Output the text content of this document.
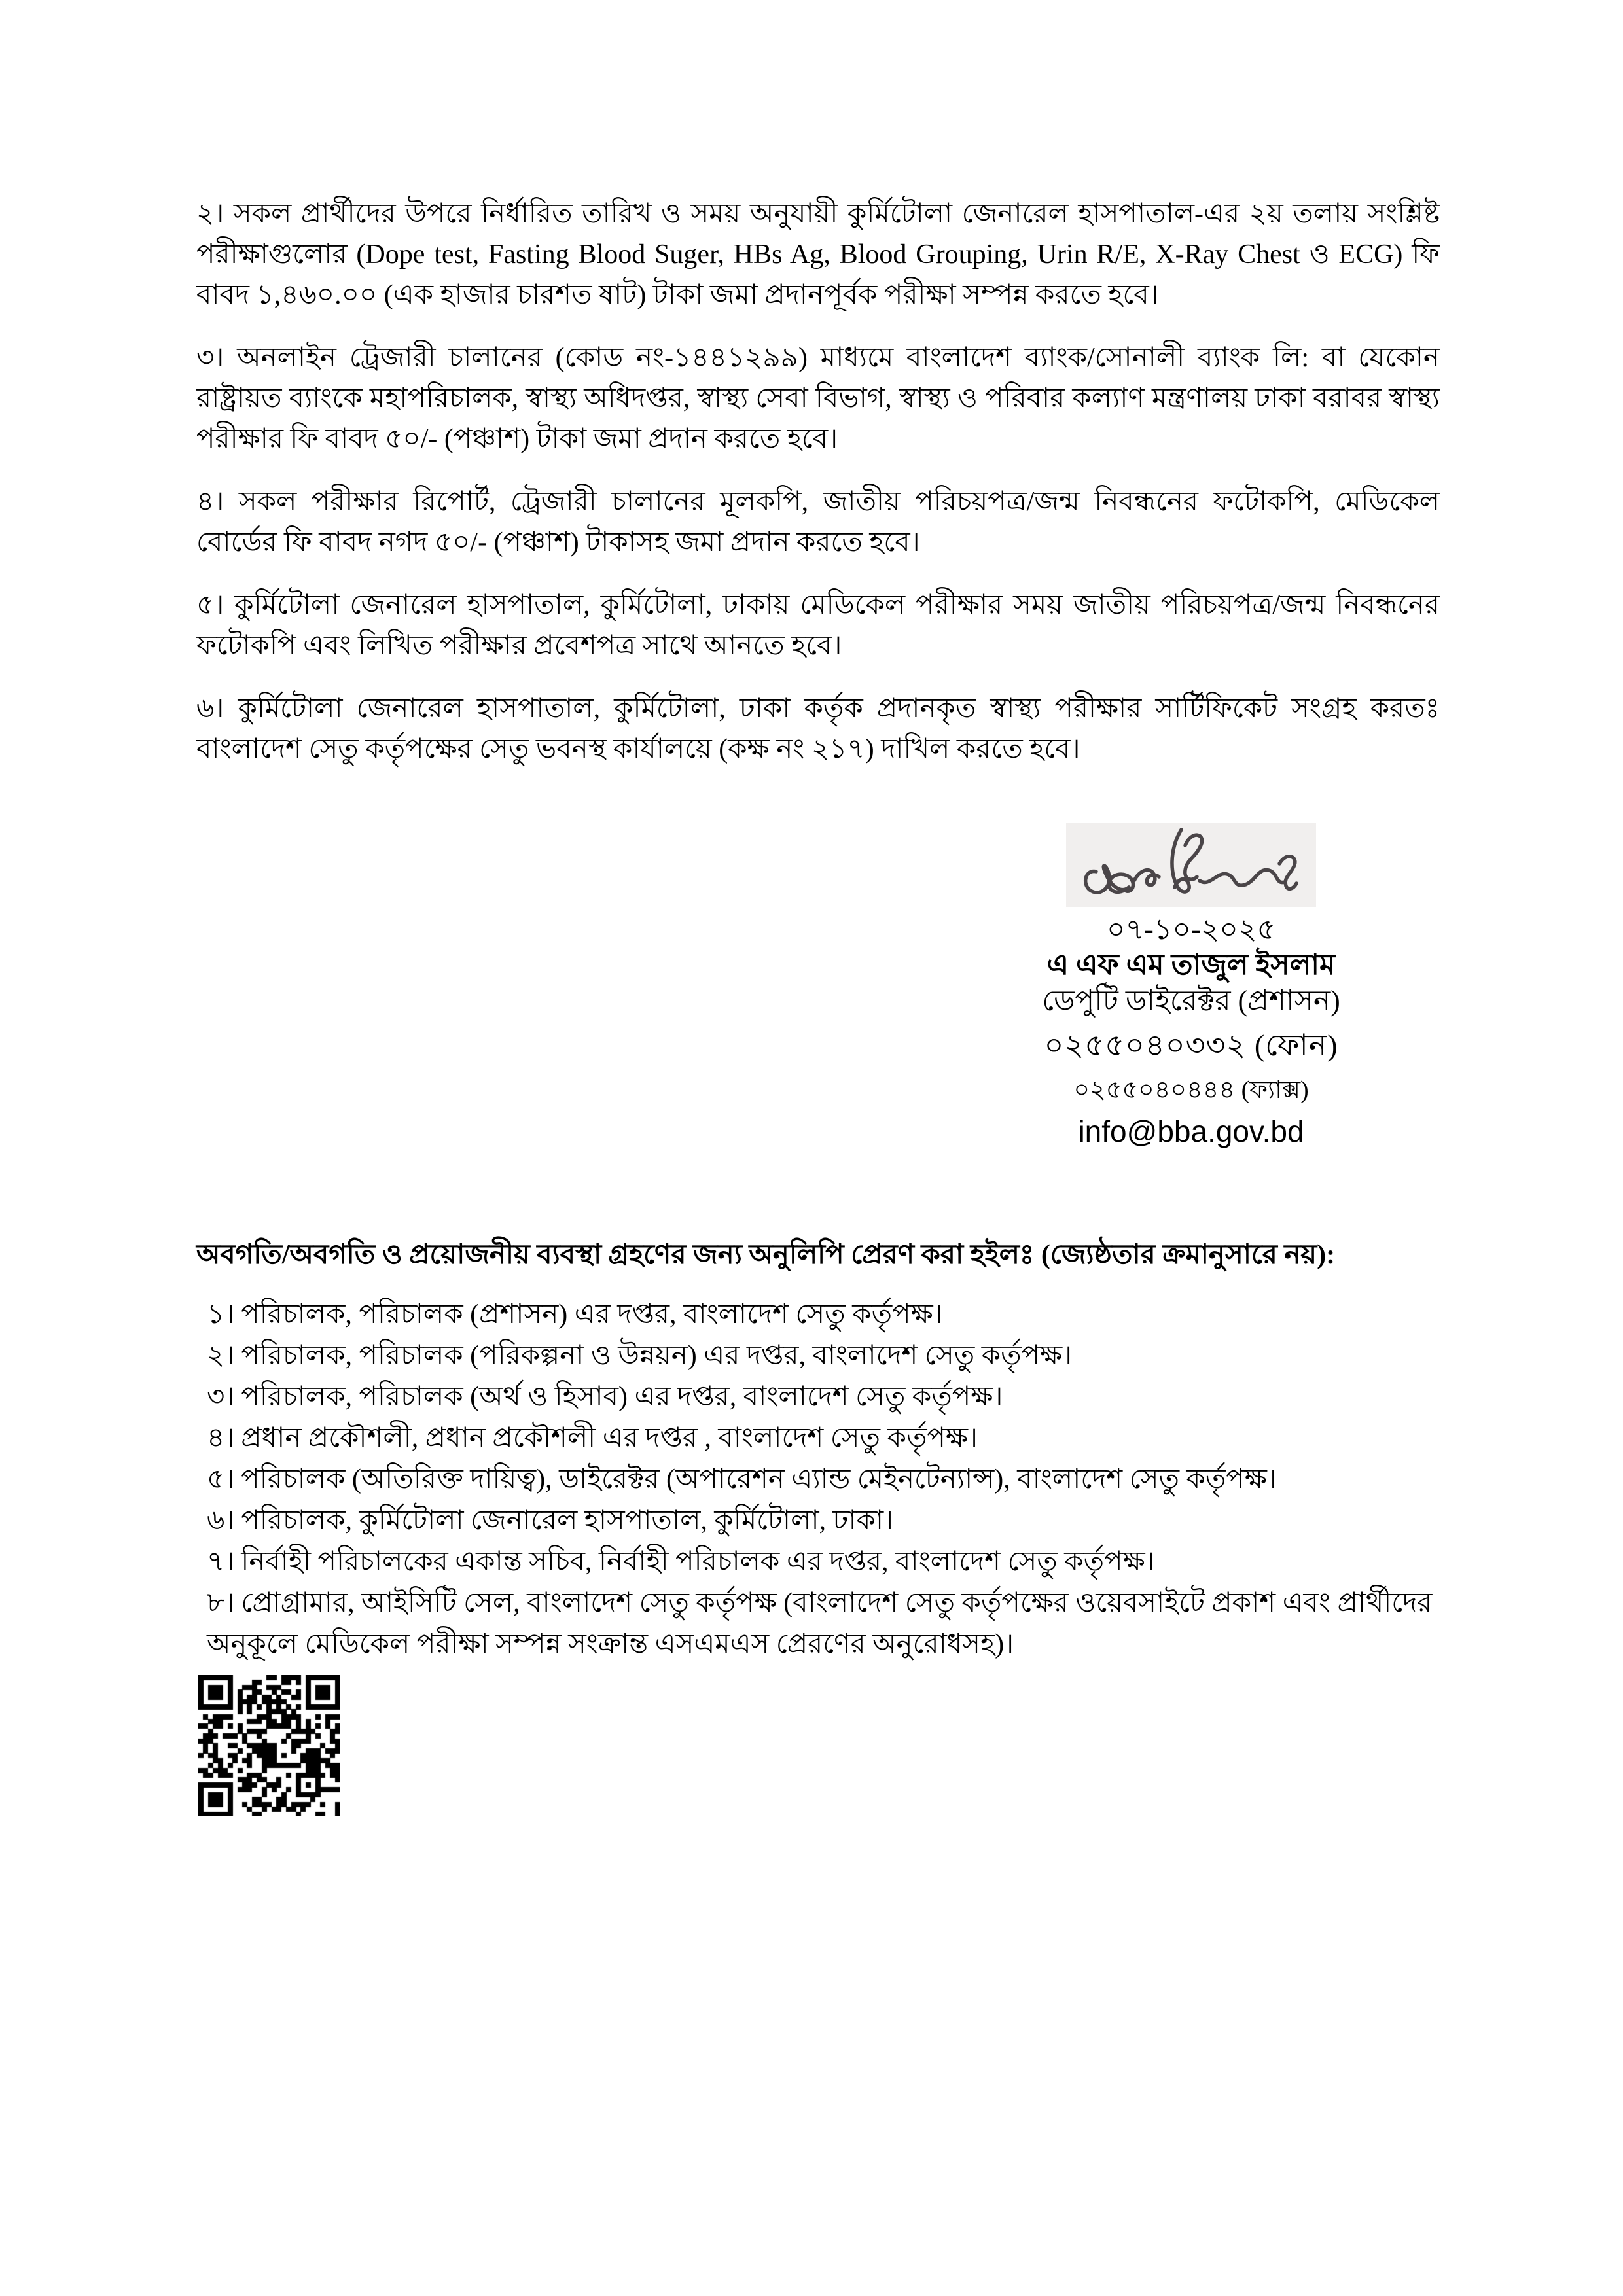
২। সকল প্রার্থীদের উপরে নির্ধারিত তারিখ ও সময় অনুযায়ী কুর্মিটোলা জেনারেল হাসপাতাল-এর ২য় তলায় সংশ্লিষ্ট পরীক্ষাগুলোর (Dope test, Fasting Blood Suger, HBs Ag, Blood Grouping, Urin R/E, X-Ray Chest ও ECG) ফি বাবদ ১,৪৬০.০০ (এক হাজার চারশত ষাট) টাকা জমা প্রদানপূর্বক পরীক্ষা সম্পন্ন করতে হবে।

৩। অনলাইন ট্রেজারী চালানের (কোড নং-১৪৪১২৯৯) মাধ্যমে বাংলাদেশ ব্যাংক/সোনালী ব্যাংক লি: বা যেকোন রাষ্ট্রায়ত ব্যাংকে মহাপরিচালক, স্বাস্থ্য অধিদপ্তর, স্বাস্থ্য সেবা বিভাগ, স্বাস্থ্য ও পরিবার কল্যাণ মন্ত্রণালয় ঢাকা বরাবর স্বাস্থ্য পরীক্ষার ফি বাবদ ৫০/- (পঞ্চাশ) টাকা জমা প্রদান করতে হবে।

৪। সকল পরীক্ষার রিপোর্ট, ট্রেজারী চালানের মূলকপি, জাতীয় পরিচয়পত্র/জন্ম নিবন্ধনের ফটোকপি, মেডিকেল বোর্ডের ফি বাবদ নগদ ৫০/- (পঞ্চাশ) টাকাসহ জমা প্রদান করতে হবে।

৫। কুর্মিটোলা জেনারেল হাসপাতাল, কুর্মিটোলা, ঢাকায় মেডিকেল পরীক্ষার সময় জাতীয় পরিচয়পত্র/জন্ম নিবন্ধনের ফটোকপি এবং লিখিত পরীক্ষার প্রবেশপত্র সাথে আনতে হবে।

৬। কুর্মিটোলা জেনারেল হাসপাতাল, কুর্মিটোলা, ঢাকা কর্তৃক প্রদানকৃত স্বাস্থ্য পরীক্ষার সার্টিফিকেট সংগ্রহ করতঃ বাংলাদেশ সেতু কর্তৃপক্ষের সেতু ভবনস্থ কার্যালয়ে (কক্ষ নং ২১৭) দাখিল করতে হবে।

০৭-১০-২০২৫
এ এফ এম তাজুল ইসলাম
ডেপুটি ডাইরেক্টর (প্রশাসন)
০২৫৫০৪০৩৩২ (ফোন)
০২৫৫০৪০৪৪৪ (ফ্যাক্স)
info@bba.gov.bd

অবগতি/অবগতি ও প্রয়োজনীয় ব্যবস্থা গ্রহণের জন্য অনুলিপি প্রেরণ করা হইলঃ (জ্যেষ্ঠতার ক্রমানুসারে নয়):

১। পরিচালক, পরিচালক (প্রশাসন) এর দপ্তর, বাংলাদেশ সেতু কর্তৃপক্ষ।
২। পরিচালক, পরিচালক (পরিকল্পনা ও উন্নয়ন) এর দপ্তর, বাংলাদেশ সেতু কর্তৃপক্ষ।
৩। পরিচালক, পরিচালক (অর্থ ও হিসাব) এর দপ্তর, বাংলাদেশ সেতু কর্তৃপক্ষ।
৪। প্রধান প্রকৌশলী, প্রধান প্রকৌশলী এর দপ্তর , বাংলাদেশ সেতু কর্তৃপক্ষ।
৫। পরিচালক (অতিরিক্ত দায়িত্ব), ডাইরেক্টর (অপারেশন এ্যান্ড মেইনটেন্যান্স), বাংলাদেশ সেতু কর্তৃপক্ষ।
৬। পরিচালক, কুর্মিটোলা জেনারেল হাসপাতাল, কুর্মিটোলা, ঢাকা।
৭। নির্বাহী পরিচালকের একান্ত সচিব, নির্বাহী পরিচালক এর দপ্তর, বাংলাদেশ সেতু কর্তৃপক্ষ।
৮। প্রোগ্রামার, আইসিটি সেল, বাংলাদেশ সেতু কর্তৃপক্ষ (বাংলাদেশ সেতু কর্তৃপক্ষের ওয়েবসাইটে প্রকাশ এবং প্রার্থীদের অনুকূলে মেডিকেল পরীক্ষা সম্পন্ন সংক্রান্ত এসএমএস প্রেরণের অনুরোধসহ)।
